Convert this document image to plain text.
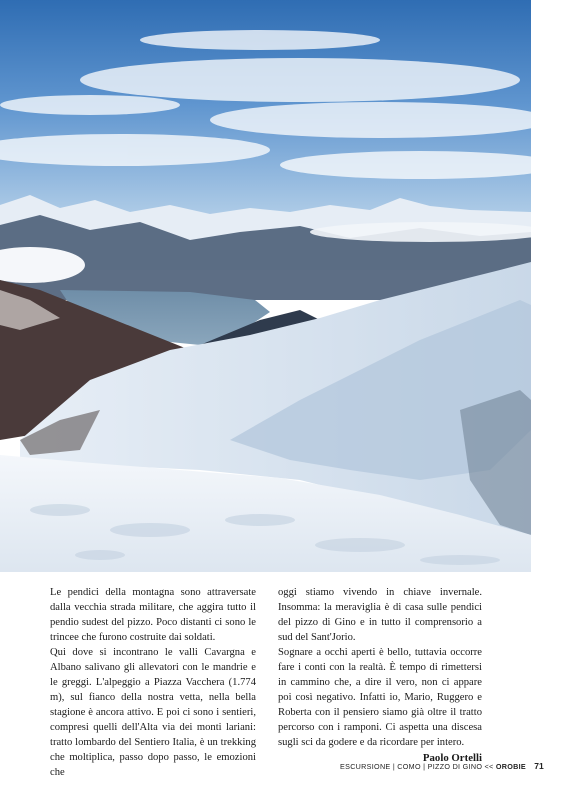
Le pendici della montagna sono attraversate dalla vecchia strada militare, che aggira tutto il pendio sudest del pizzo. Poco distanti ci sono le trincee che furono costruite dai soldati.

Qui dove si incontrano le valli Cavargna e Albano salivano gli allevatori con le mandrie e le greggi. L'alpeggio a Piazza Vacchera (1.774 m), sul fianco della nostra vetta, nella bella stagione è ancora attivo. E poi ci sono i sentieri, compresi quelli dell'Alta via dei monti lariani: tratto lombardo del Sentiero Italia, è un trekking che moltiplica, passo dopo passo, le emozioni che

oggi stiamo vivendo in chiave invernale. Insomma: la meraviglia è di casa sulle pendici del pizzo di Gino e in tutto il comprensorio a sud del Sant'Jorio.

Sognare a occhi aperti è bello, tuttavia occorre fare i conti con la realtà. È tempo di rimettersi in cammino che, a dire il vero, non ci appare poi così negativo. Infatti io, Mario, Ruggero e Roberta con il pensiero siamo già oltre il tratto percorso con i ramponi. Ci aspetta una discesa sugli sci da godere e da ricordare per intero.

Paolo Ortelli
ESCURSIONE | COMO | PIZZO DI GINO << OROBIE 71
